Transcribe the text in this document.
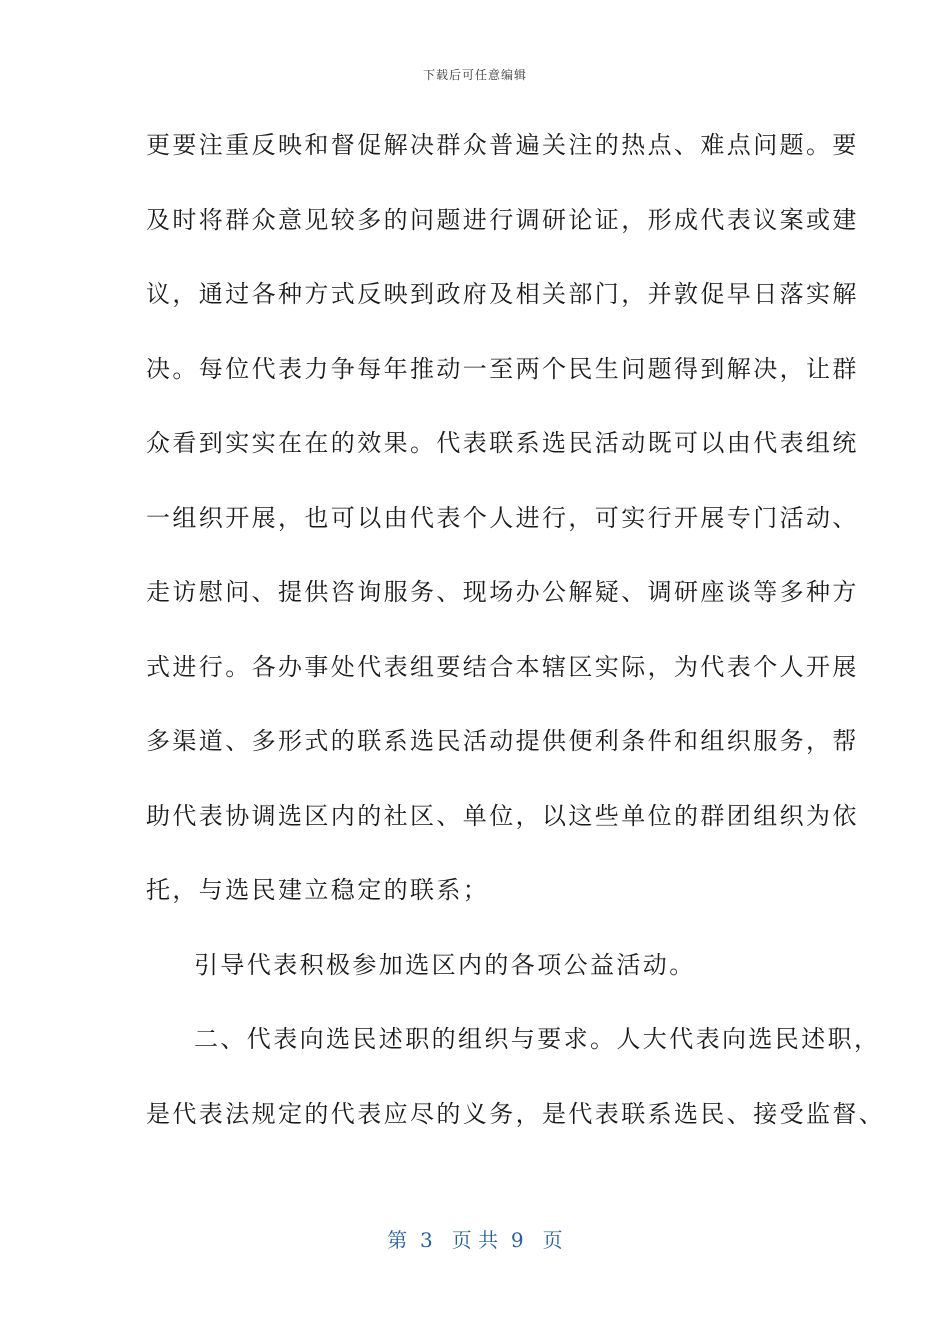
下载后可任意编辑
更要注重反映和督促解决群众普遍关注的热点、难点问题。要
及时将群众意见较多的问题进行调研论证，形成代表议案或建
议，通过各种方式反映到政府及相关部门，并敦促早日落实解
决。每位代表力争每年推动一至两个民生问题得到解决，让群
众看到实实在在的效果。代表联系选民活动既可以由代表组统
一组织开展，也可以由代表个人进行，可实行开展专门活动、
走访慰问、提供咨询服务、现场办公解疑、调研座谈等多种方
式进行。各办事处代表组要结合本辖区实际，为代表个人开展
多渠道、多形式的联系选民活动提供便利条件和组织服务，帮
助代表协调选区内的社区、单位，以这些单位的群团组织为依
托，与选民建立稳定的联系；
引导代表积极参加选区内的各项公益活动。
二、代表向选民述职的组织与要求。人大代表向选民述职，
是代表法规定的代表应尽的义务，是代表联系选民、接受监督、
第  3   页 共  9   页
